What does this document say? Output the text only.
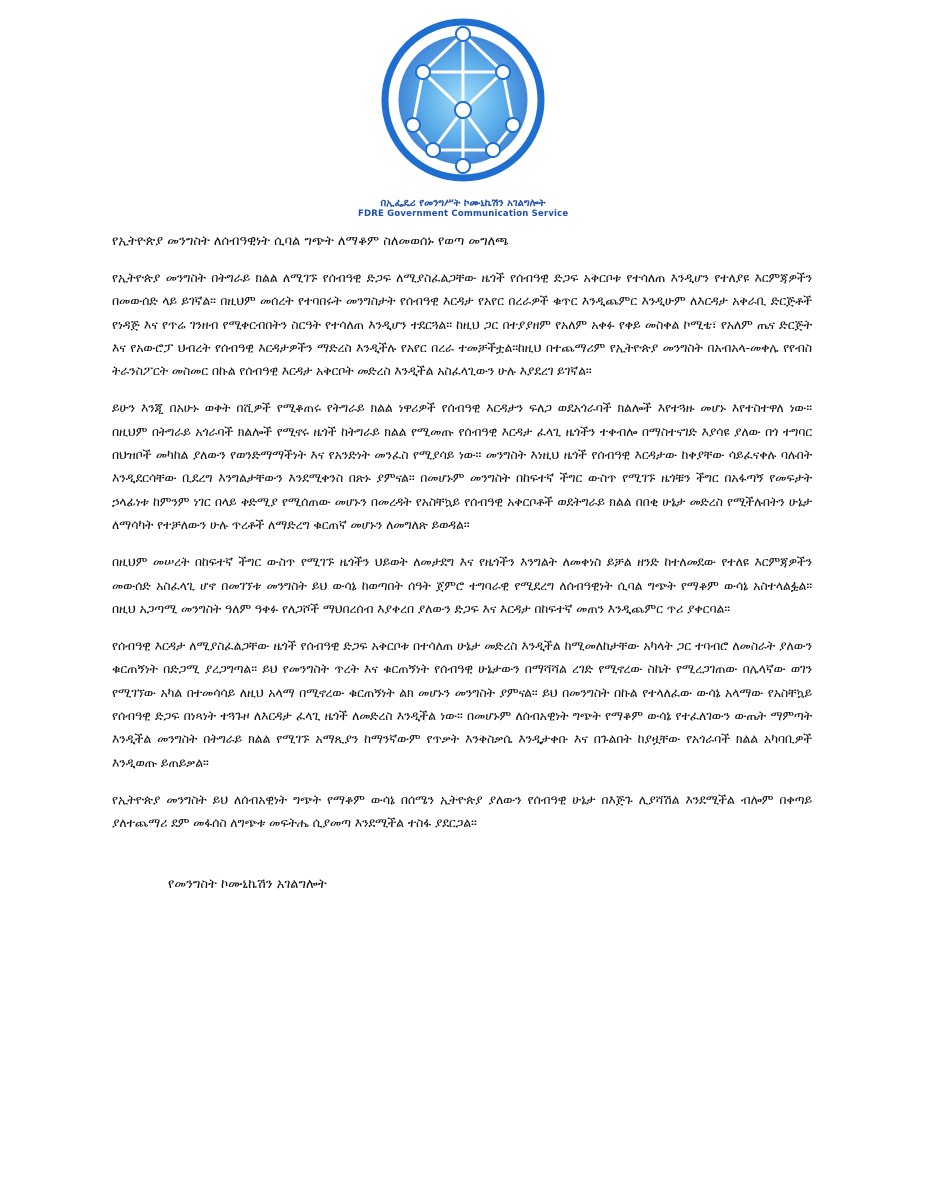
በኢፌዴሪ የመንግሥት ኮሙኒኬሽን አገልግሎት
FDRE Government Communication Service
የኢትዮጵያ መንግስት ለሰብዓዊነት ሲባል ግጭት ለማቆም ስለመወሰኑ የወጣ መግለጫ

የኢትዮጵያ መንግስት በትግራይ ክልል ለሚገኙ የሰብዓዊ ድጋፍ ለሚያስፈልጋቸው ዜጎች የሰብዓዊ ድጋፍ አቅርቦቱ የተሳለጠ እንዲሆን የተለያዩ እርምጃዎችን በመውሰድ ላይ ይገኛል። በዚህም መሰረት የተባበሩት መንግስታት የሰብዓዊ እርዳታ የአየር በረራዎች ቁጥር እንዲጨምር እንዲሁም ለእርዳታ አቅራቢ ድርጅቶች የነዳጅ እና የጥሬ ገንዘብ የሚቀርብበትን ስርዓት የተሳለጠ እንዲሆን ተደርጓል። ከዚህ ጋር በተያያዘም የአለም አቀፉ የቀይ መስቀል ኮሚቴ፣ የአለም ጤና ድርጅት እና የአውሮፓ ህብረት የሰብዓዊ እርዳታዎችን ማድረስ እንዲችሉ የአየር በረራ ተመቻችቷል።ከዚህ በተጨማሪም የኢትዮጵያ መንግስት በአብአላ-መቀሌ የየብስ ትራንስፖርት መስመር በኩል የሰብዓዊ እርዳታ አቅርቦት መድረስ እንዲችል አስፈላጊውን ሁሉ እያደረገ ይገኛል።

ይሁን እንጂ በአሁኑ ወቅት በሺዎች የሚቆጠሩ የትግራይ ክልል ነዋሪዎች የሰብዓዊ እርዳታን ፍለጋ ወደአጎራባች ክልሎች እየተጓዙ መሆኑ እየተስተዋለ ነው። በዚህም በትግራይ አጎራባች ክልሎች የሚኖሩ ዜጎች ከትግራይ ክልል የሚመጡ የሰብዓዊ እርዳታ ፈላጊ ዜጎችን ተቀብሎ በማስተናገድ እያሳዩ ያለው በጎ ተግባር በህዝቦች መካከል ያለውን የወንድማማችነት እና የአንድነት መንፈስ የሚያሳይ ነው። መንግስት እነዚህ ዜጎች የሰብዓዊ እርዳታው ከቀያቸው ሳይፈናቀሉ ባሉበት እንዲደርሳቸው ቢደረግ እንግልታቸውን እንደሚቀንስ በጽኑ ያምናል። በመሆኑም መንግስት በከፍተኛ ችግር ውስጥ የሚገኙ ዜጎቹን ችግር በአፋጣኝ የመፍታት ኃላፊነቱ ከምንም ነገር በላይ ቅድሚያ የሚሰጠው መሆኑን በመረዳት የአስቸኳይ የሰብዓዊ አቅርቦቶች ወደትግራይ ክልል በበቂ ሁኔታ መድረስ የሚችሉበትን ሁኔታ ለማሳካት የተቻለውን ሁሉ ጥረቶች ለማድረግ ቁርጠኛ መሆኑን ለመግለጽ ይወዳል።

በዚህም መሠረት በከፍተኛ ችግር ውስጥ የሚገኙ ዜጎችን ህይወት ለመታደግ እና የዜጎችን እንግልት ለመቀነስ ይቻል ዘንድ ከተለመደው የተለዩ እርምጃዎችን መውሰድ አስፈላጊ ሆኖ በመገኘቱ መንግስት ይህ ውሳኔ ከወጣበት ሰዓት ጀምሮ ተግባራዊ የሚደረግ ለሰብዓዊነት ሲባል ግጭት የማቆም ውሳኔ አስተላልፏል። በዚህ አጋጣሚ መንግስት ዓለም ዓቀፉ የለጋሾች ማህበረሰብ እያቀረበ ያለውን ድጋፍ እና እርዳታ በከፍተኛ መጠን እንዲጨምር ጥሪ ያቀርባል።

የሰብዓዊ እርዳታ ለሚያስፈልጋቸው ዜጎች የሰብዓዊ ድጋፍ አቅርቦቱ በተሳለጠ ሁኔታ መድረስ እንዲችል ከሚመለከታቸው አካላት ጋር ተባብሮ ለመስራት ያለውን ቁርጠኝነት በድጋሚ ያረጋግጣል። ይህ የመንግስት ጥረት እና ቁርጠኝነት የሰብዓዊ ሁኔታውን በማሻሻል ረገድ የሚኖረው ስኬት የሚረጋገጠው በሌላኛው ወገን የሚገኘው አካል በተመሳሳይ ለዚህ አላማ በሚኖረው ቁርጠኝነት ልክ መሆኑን መንግስት ያምናል። ይህ በመንግስት በኩል የተላለፈው ውሳኔ አላማው የአስቸኳይ የሰብዓዊ ድጋፍ በነጻነት ተጓጉዞ ለእርዳታ ፈላጊ ዜጎች ለመድረስ እንዲችል ነው። በመሆኑም ለሰብአዊነት ግጭት የማቆም ውሳኔ የተፈለገውን ውጤት ማምጣት እንዲችል መንግስት በትግራይ ክልል የሚገኙ አማጺያን ከማንኛውም የጥቃት እንቅስቃሴ እንዲታቀቡ እና በጉልበት ከያዟቸው የአጎራባች ክልል አካባቢዎች እንዲወጡ ይጠይቃል።

የኢትዮጵያ መንግስት ይህ ለሰብአዊነት ግጭት የማቆም ውሳኔ በሰሜን ኢትዮጵያ ያለውን የሰብዓዊ ሁኔታ በእጅጉ ሊያሻሽል እንደሚችል ብሎም በቀጣይ ያለተጨማሪ ደም መፋሰስ ለግጭቱ መፍትሔ ሲያመጣ እንደሚችል ተስፋ ያደርጋል።

የመንግስት ኮሙኒኬሽን አገልግሎት
